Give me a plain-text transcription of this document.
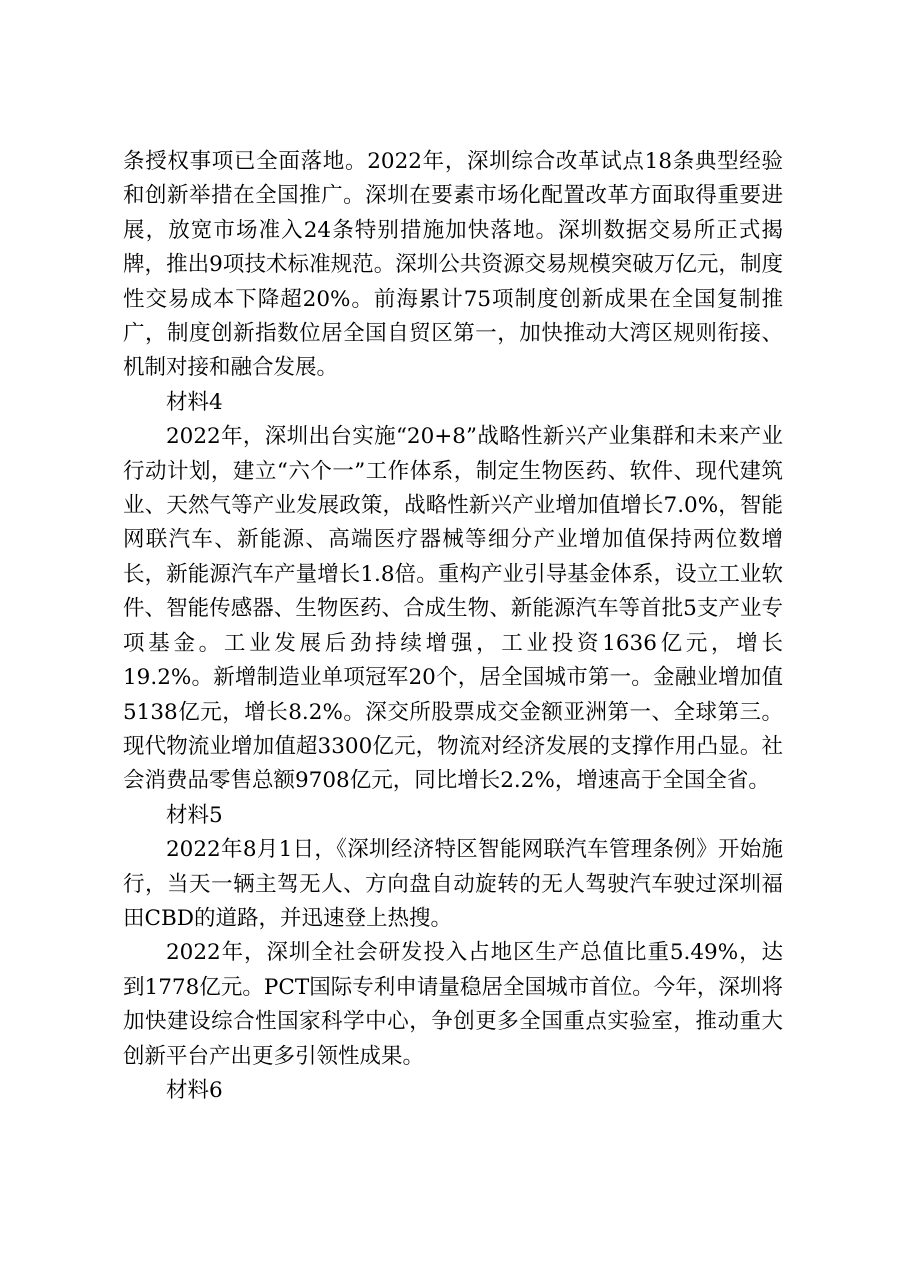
条授权事项已全面落地。2022年，深圳综合改革试点18条典型经验和创新举措在全国推广。深圳在要素市场化配置改革方面取得重要进展，放宽市场准入24条特别措施加快落地。深圳数据交易所正式揭牌，推出9项技术标准规范。深圳公共资源交易规模突破万亿元，制度性交易成本下降超20%。前海累计75项制度创新成果在全国复制推广，制度创新指数位居全国自贸区第一，加快推动大湾区规则衔接、机制对接和融合发展。

材料4

2022年，深圳出台实施“20+8”战略性新兴产业集群和未来产业行动计划，建立“六个一”工作体系，制定生物医药、软件、现代建筑业、天然气等产业发展政策，战略性新兴产业增加值增长7.0%，智能网联汽车、新能源、高端医疗器械等细分产业增加值保持两位数增长，新能源汽车产量增长1.8倍。重构产业引导基金体系，设立工业软件、智能传感器、生物医药、合成生物、新能源汽车等首批5支产业专项基金。工业发展后劲持续增强，工业投资1636亿元，增长19.2%。新增制造业单项冠军20个，居全国城市第一。金融业增加值5138亿元，增长8.2%。深交所股票成交金额亚洲第一、全球第三。现代物流业增加值超3300亿元，物流对经济发展的支撑作用凸显。社会消费品零售总额9708亿元，同比增长2.2%，增速高于全国全省。

材料5

2022年8月1日，《深圳经济特区智能网联汽车管理条例》开始施行，当天一辆主驾无人、方向盘自动旋转的无人驾驶汽车驶过深圳福田CBD的道路，并迅速登上热搜。

2022年，深圳全社会研发投入占地区生产总值比重5.49%，达到1778亿元。PCT国际专利申请量稳居全国城市首位。今年，深圳将加快建设综合性国家科学中心，争创更多全国重点实验室，推动重大创新平台产出更多引领性成果。

材料6
